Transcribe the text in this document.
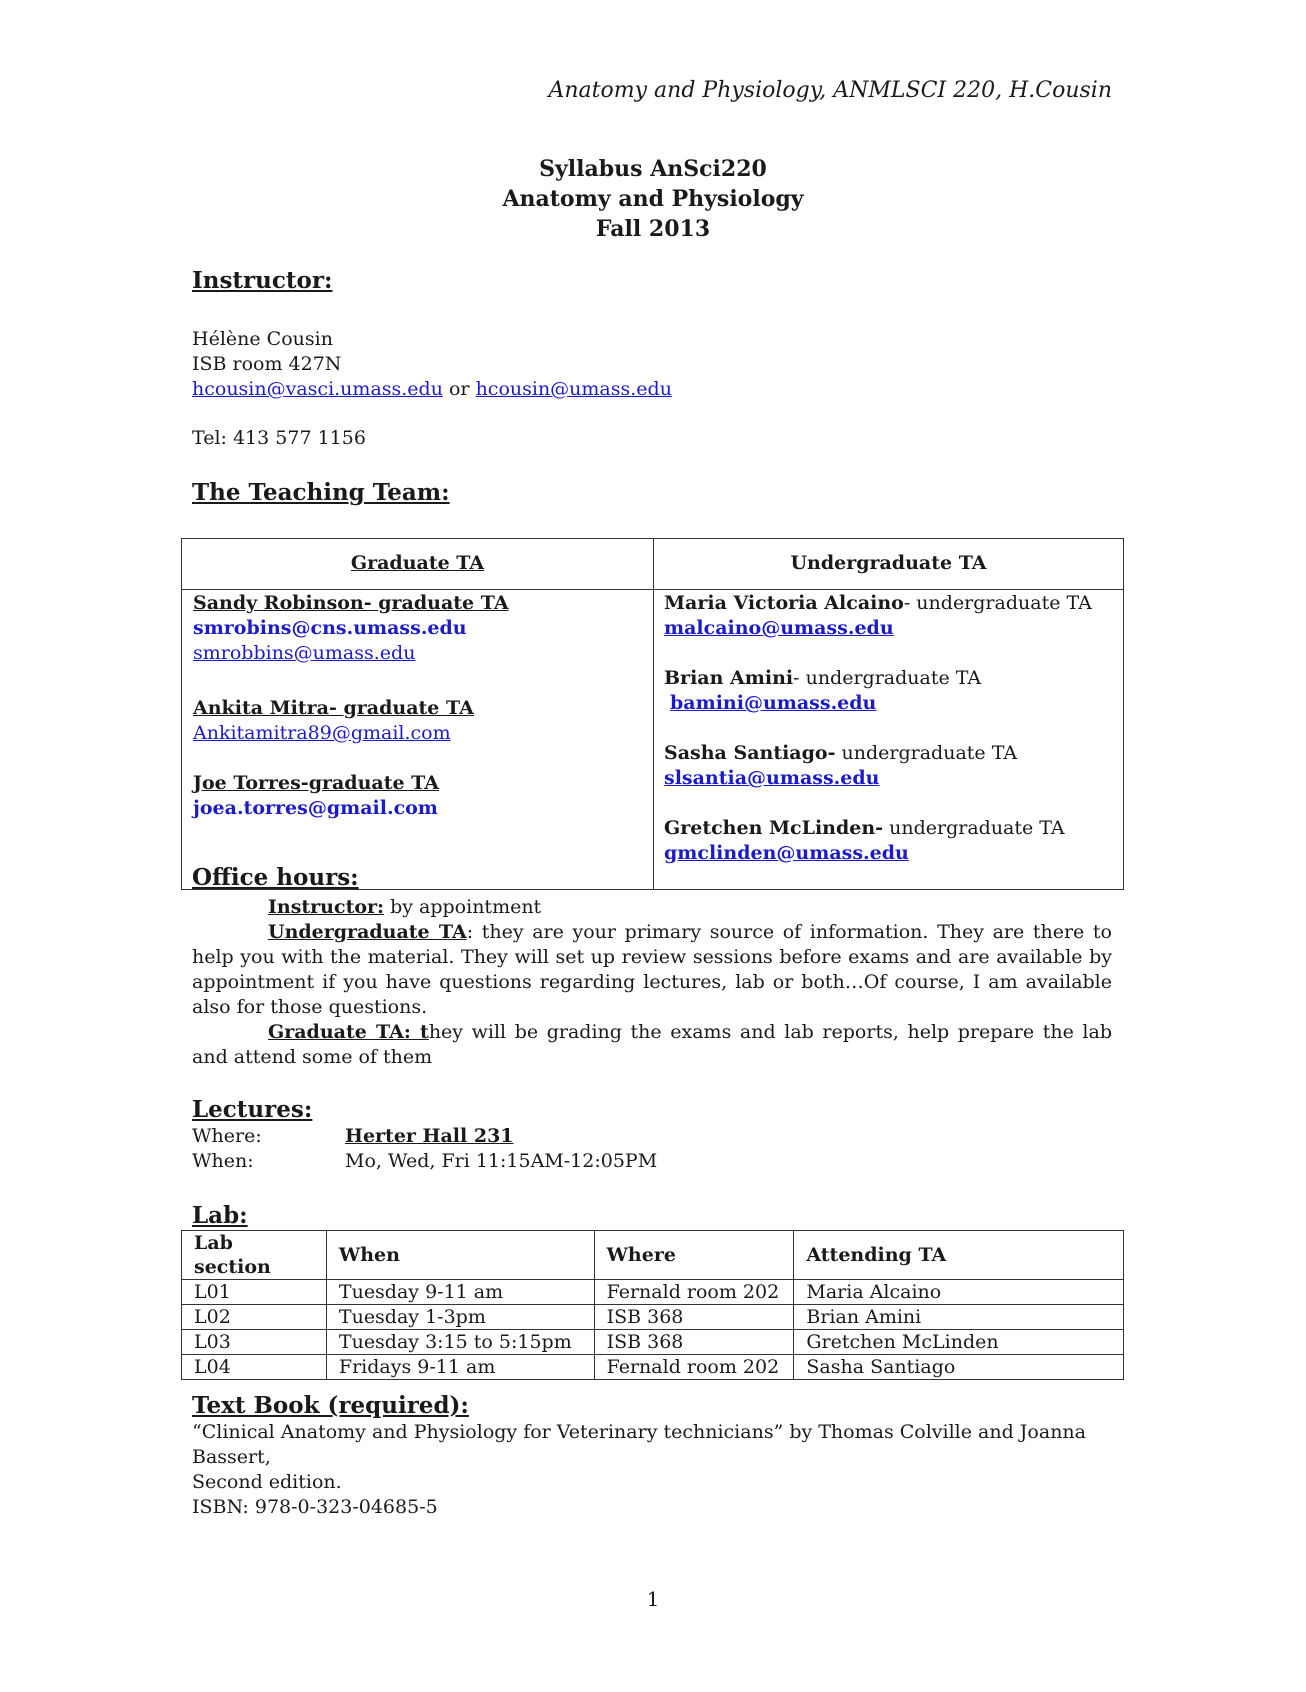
Anatomy and Physiology, ANMLSCI 220, H.Cousin
Syllabus AnSci220
Anatomy and Physiology
Fall 2013
Instructor:
Hélène Cousin
ISB room 427N
hcousin@vasci.umass.edu or hcousin@umass.edu
Tel: 413 577 1156
The Teaching Team:
Graduate TA	Undergraduate TA
Sandy Robinson- graduate TA
smrobins@cns.umass.edu
smrobbins@umass.edu
Ankita Mitra- graduate TA
Ankitamitra89@gmail.com
Joe Torres-graduate TA
joea.torres@gmail.com
Maria Victoria Alcaino- undergraduate TA
malcaino@umass.edu
Brian Amini- undergraduate TA
bamini@umass.edu
Sasha Santiago- undergraduate TA
slsantia@umass.edu
Gretchen McLinden- undergraduate TA
gmclinden@umass.edu
Office hours:

Instructor: by appointment

Undergraduate TA: they are your primary source of information. They are there to help you with the material. They will set up review sessions before exams and are available by appointment if you have questions regarding lectures, lab or both…Of course, I am available also for those questions.

Graduate TA: they will be grading the exams and lab reports, help prepare the lab and attend some of them

Lectures:
Where:	Herter Hall 231
When:	Mo, Wed, Fri 11:15AM-12:05PM
Lab:
Lab section	When	Where	Attending TA
L01	Tuesday 9-11 am	Fernald room 202	Maria Alcaino
L02	Tuesday 1-3pm	ISB 368	Brian Amini
L03	Tuesday 3:15 to 5:15pm	ISB 368	Gretchen McLinden
L04	Fridays 9-11 am	Fernald room 202	Sasha Santiago
Text Book (required):
“Clinical Anatomy and Physiology for Veterinary technicians” by Thomas Colville and Joanna Bassert,
Second edition.
ISBN: 978-0-323-04685-5
1
